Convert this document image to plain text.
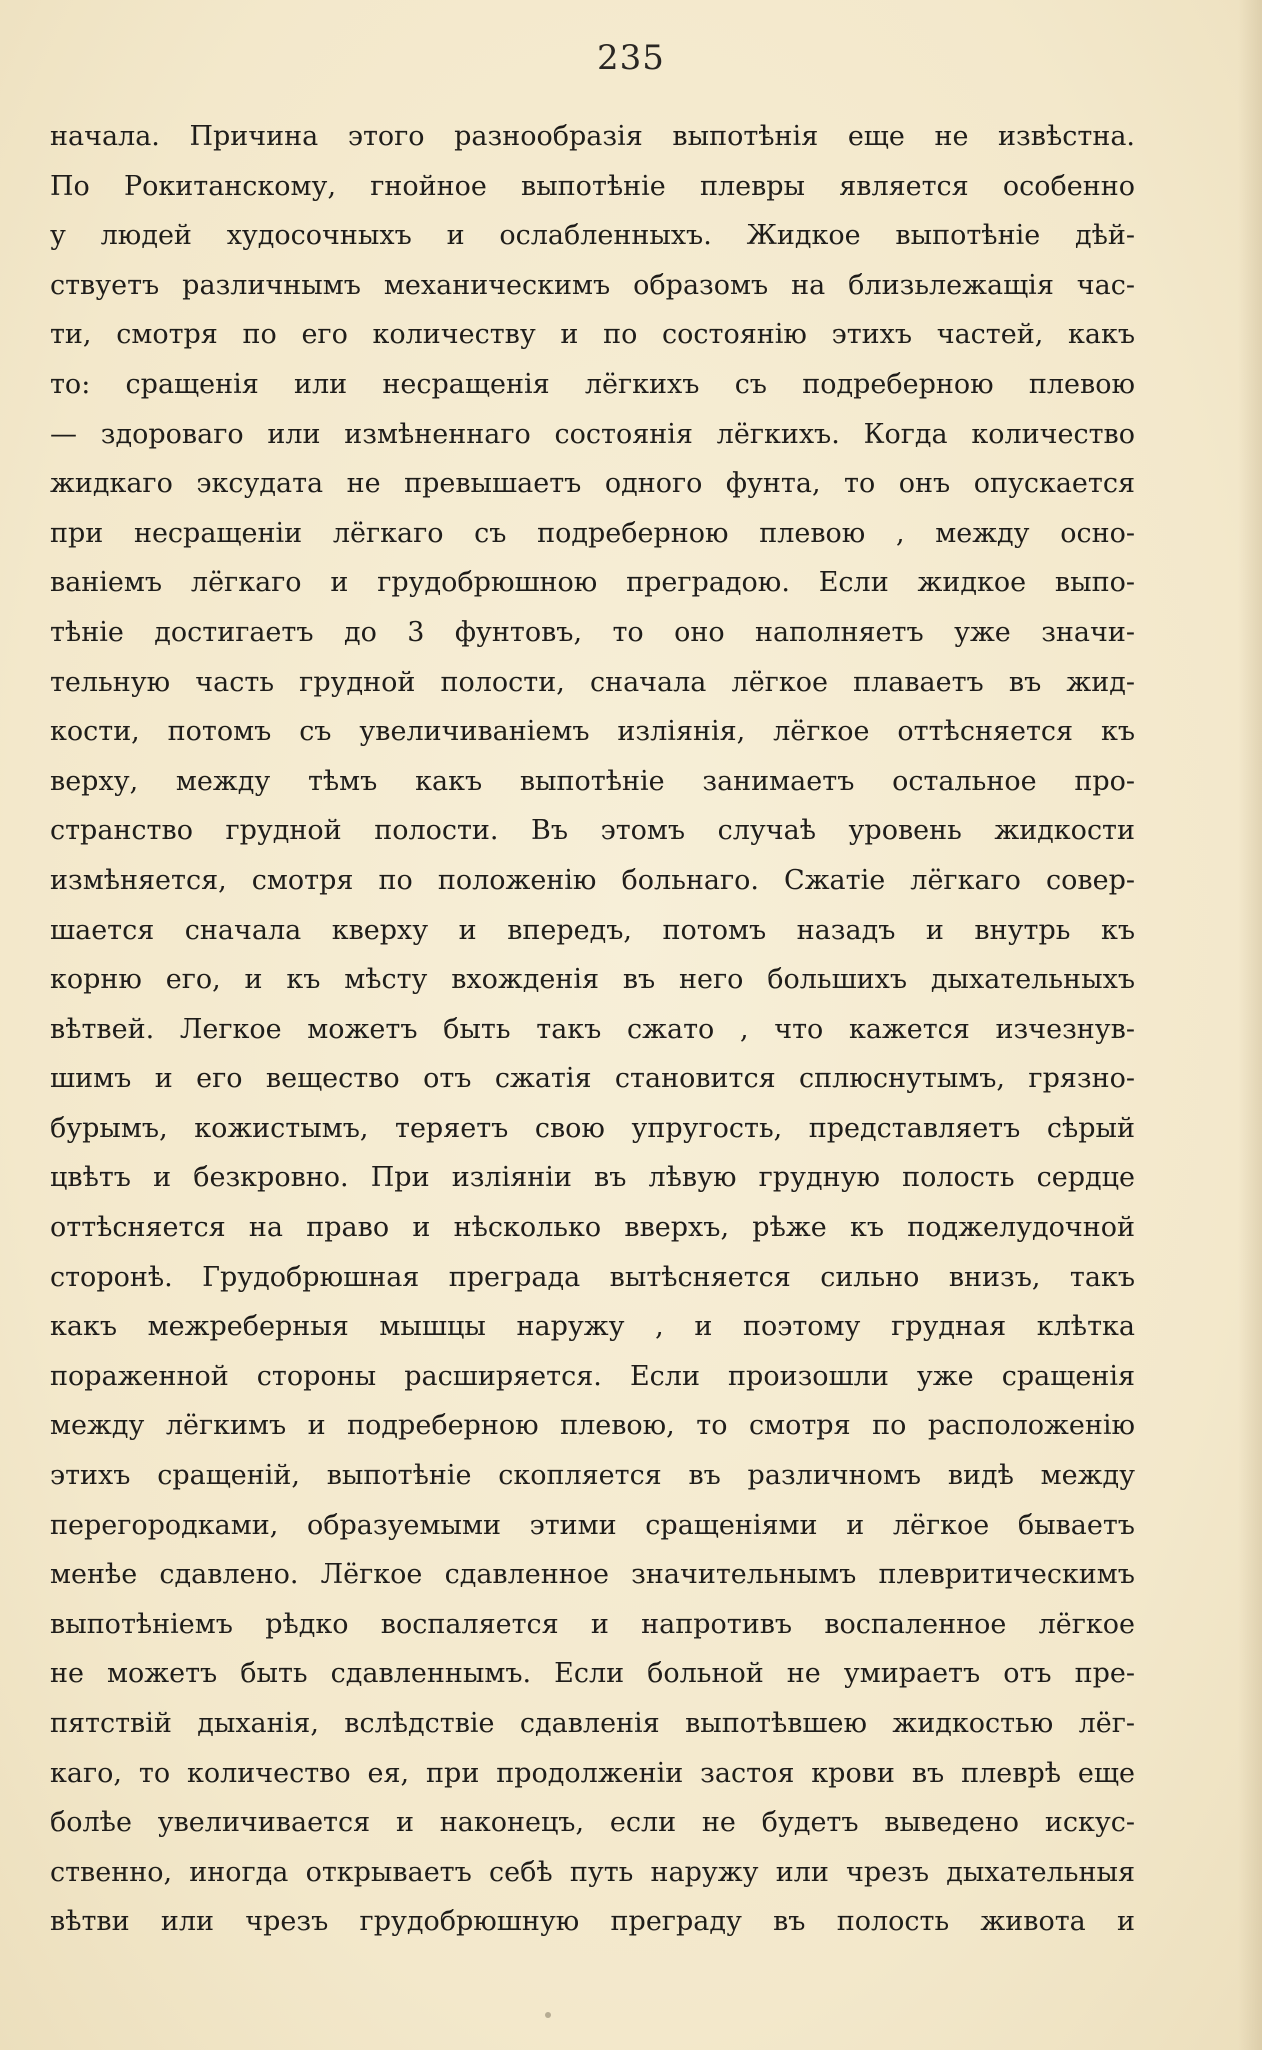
235
начала. Причина этого разнообразія выпотѣнія еще не извѣстна.
По Рокитанскому, гнойное выпотѣніе плевры является особенно
у людей худосочныхъ и ослабленныхъ. Жидкое выпотѣніе дѣй-
ствуетъ различнымъ механическимъ образомъ на близьлежащія час-
ти, смотря по его количеству и по состоянію этихъ частей, какъ
то: сращенія или несращенія лёгкихъ съ подреберною плевою
— здороваго или измѣненнаго состоянія лёгкихъ. Когда количество
жидкаго эксудата не превышаетъ одного фунта, то онъ опускается
при несращеніи лёгкаго съ подреберною плевою , между осно-
ваніемъ лёгкаго и грудобрюшною преградою. Если жидкое выпо-
тѣніе достигаетъ до 3 фунтовъ, то оно наполняетъ уже значи-
тельную часть грудной полости, сначала лёгкое плаваетъ въ жид-
кости, потомъ съ увеличиваніемъ изліянія, лёгкое оттѣсняется къ
верху, между тѣмъ какъ выпотѣніе занимаетъ остальное про-
странство грудной полости. Въ этомъ случаѣ уровень жидкости
измѣняется, смотря по положенію больнаго. Сжатіе лёгкаго совер-
шается сначала кверху и впередъ, потомъ назадъ и внутрь къ
корню его, и къ мѣсту вхожденія въ него большихъ дыхательныхъ
вѣтвей. Легкое можетъ быть такъ сжато , что кажется изчезнув-
шимъ и его вещество отъ сжатія становится сплюснутымъ, грязно-
бурымъ, кожистымъ, теряетъ свою упругость, представляетъ сѣрый
цвѣтъ и безкровно. При изліяніи въ лѣвую грудную полость сердце
оттѣсняется на право и нѣсколько вверхъ, рѣже къ поджелудочной
сторонѣ. Грудобрюшная преграда вытѣсняется сильно внизъ, такъ
какъ межреберныя мышцы наружу , и поэтому грудная клѣтка
пораженной стороны расширяется. Если произошли уже сращенія
между лёгкимъ и подреберною плевою, то смотря по расположенію
этихъ сращеній, выпотѣніе скопляется въ различномъ видѣ между
перегородками, образуемыми этими сращеніями и лёгкое бываетъ
менѣе сдавлено. Лёгкое сдавленное значительнымъ плевритическимъ
выпотѣніемъ рѣдко воспаляется и напротивъ воспаленное лёгкое
не можетъ быть сдавленнымъ. Если больной не умираетъ отъ пре-
пятствій дыханія, вслѣдствіе сдавленія выпотѣвшею жидкостью лёг-
каго, то количество ея, при продолженіи застоя крови въ плеврѣ еще
болѣе увеличивается и наконецъ, если не будетъ выведено искус-
ственно, иногда открываетъ себѣ путь наружу или чрезъ дыхательныя
вѣтви или чрезъ грудобрюшную преграду въ полость живота и
